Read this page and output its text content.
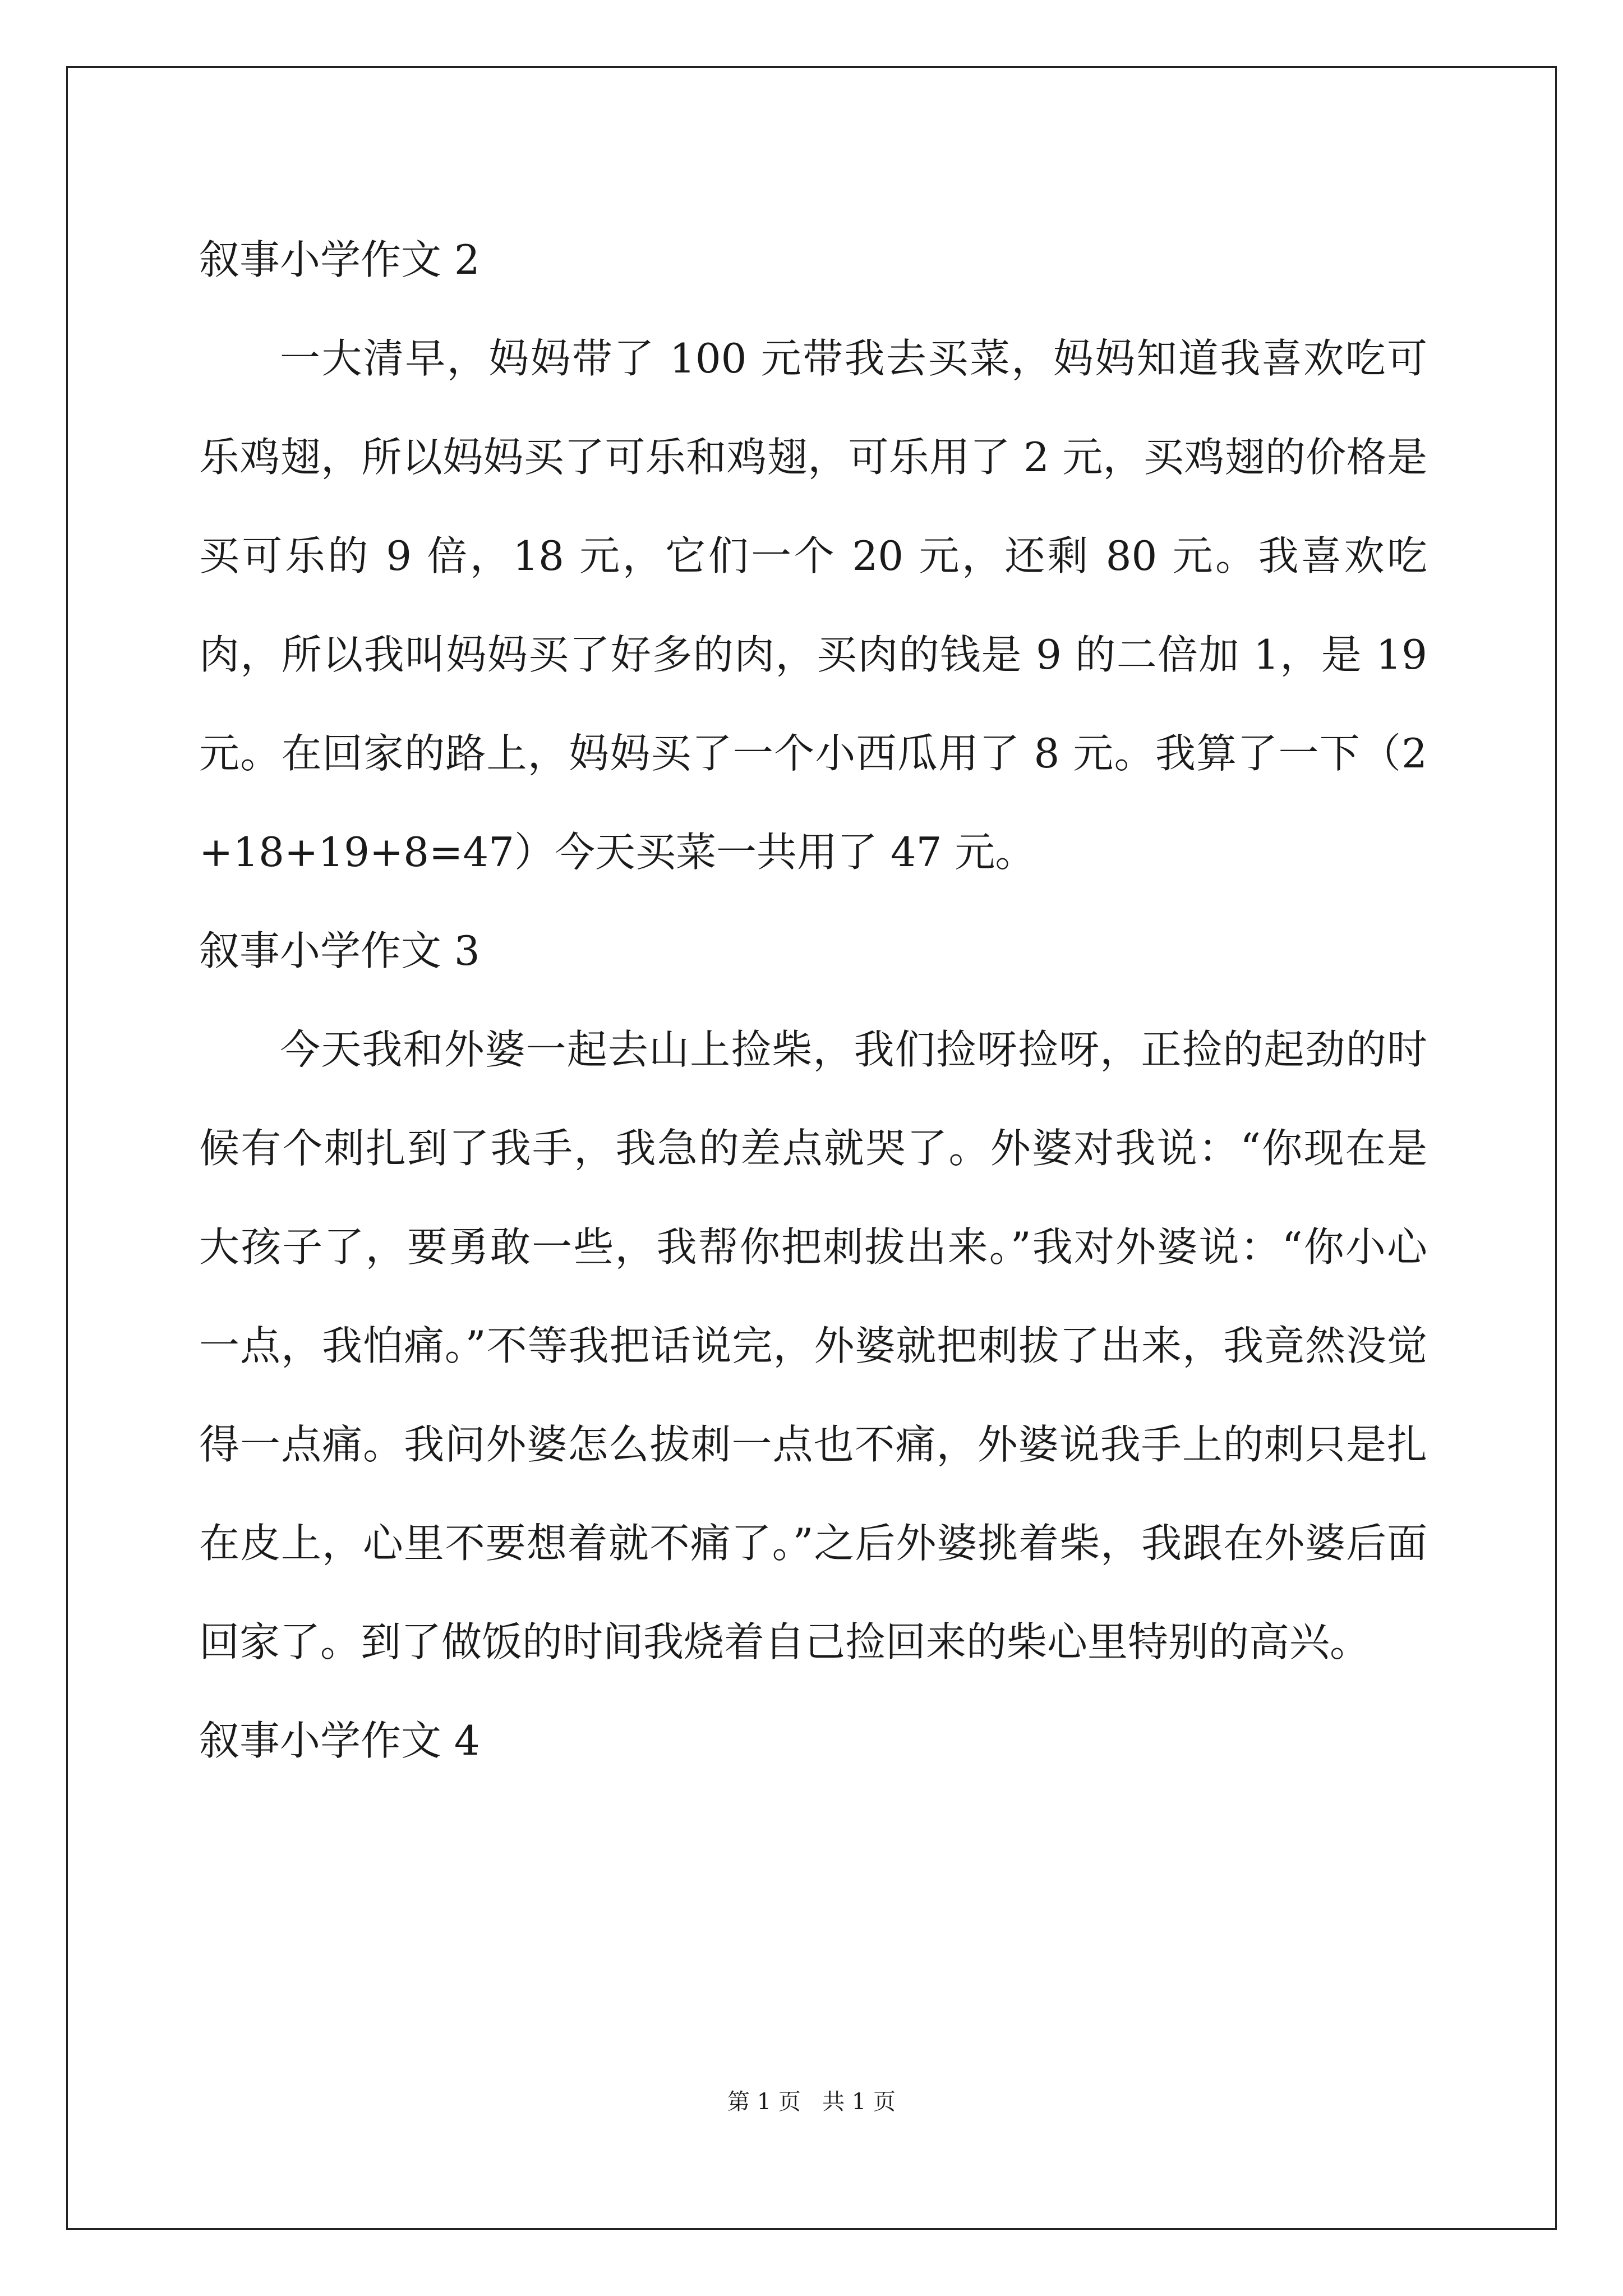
叙事小学作文 2

一大清早，妈妈带了 100 元带我去买菜，妈妈知道我喜欢吃可乐鸡翅，所以妈妈买了可乐和鸡翅，可乐用了 2 元，买鸡翅的价格是买可乐的 9 倍，18 元，它们一个 20 元，还剩 80 元。我喜欢吃肉，所以我叫妈妈买了好多的肉，买肉的钱是 9 的二倍加 1，是 19 元。在回家的路上，妈妈买了一个小西瓜用了 8 元。我算了一下（2+18+19+8=47）今天买菜一共用了 47 元。

叙事小学作文 3

今天我和外婆一起去山上捡柴，我们捡呀捡呀，正捡的起劲的时候有个刺扎到了我手，我急的差点就哭了。外婆对我说：“你现在是大孩子了，要勇敢一些，我帮你把刺拔出来。”我对外婆说：“你小心一点，我怕痛。”不等我把话说完，外婆就把刺拔了出来，我竟然没觉得一点痛。我问外婆怎么拔刺一点也不痛，外婆说我手上的刺只是扎在皮上，心里不要想着就不痛了。”之后外婆挑着柴，我跟在外婆后面回家了。到了做饭的时间我烧着自己捡回来的柴心里特别的高兴。

叙事小学作文 4

第 1 页   共 1 页
